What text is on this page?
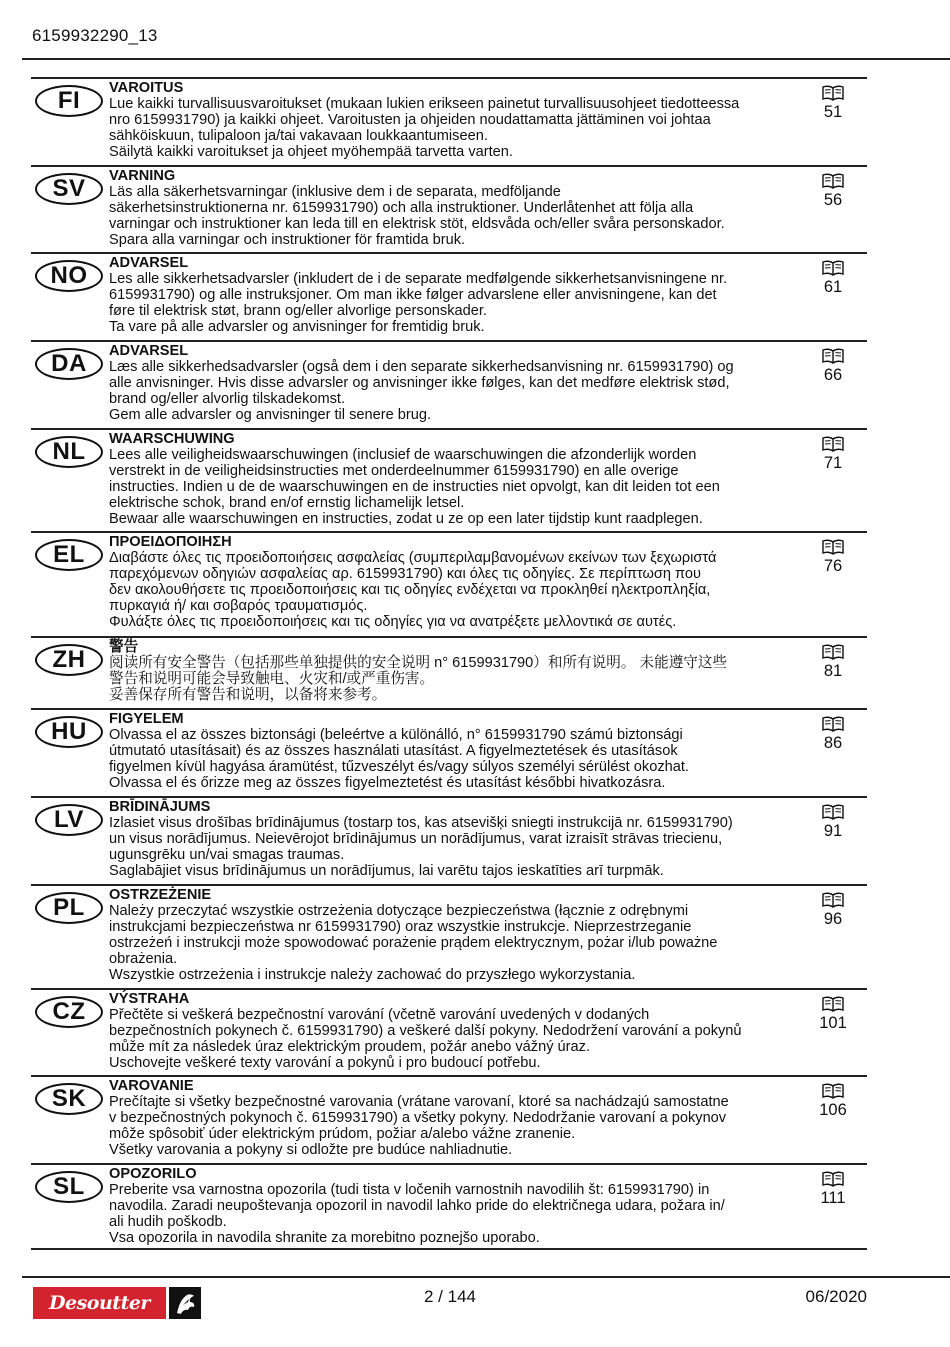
6159932290_13
FI	VAROITUS
Lue kaikki turvallisuusvaroitukset (mukaan lukien erikseen painetut turvallisuusohjeet tiedotteessa
nro 6159931790) ja kaikki ohjeet. Varoitusten ja ohjeiden noudattamatta jättäminen voi johtaa
sähköiskuun, tulipaloon ja/tai vakavaan loukkaantumiseen.
Säilytä kaikki varoitukset ja ohjeet myöhempää tarvetta varten.
51
SV	VARNING
Läs alla säkerhetsvarningar (inklusive dem i de separata, medföljande
säkerhetsinstruktionerna nr. 6159931790) och alla instruktioner. Underlåtenhet att följa alla
varningar och instruktioner kan leda till en elektrisk stöt, eldsvåda och/eller svåra personskador.
Spara alla varningar och instruktioner för framtida bruk.
56
NO	ADVARSEL
Les alle sikkerhetsadvarsler (inkludert de i de separate medfølgende sikkerhetsanvisningene nr.
6159931790) og alle instruksjoner. Om man ikke følger advarslene eller anvisningene, kan det
føre til elektrisk støt, brann og/eller alvorlige personskader.
Ta vare på alle advarsler og anvisninger for fremtidig bruk.
61
DA	ADVARSEL
Læs alle sikkerhedsadvarsler (også dem i den separate sikkerhedsanvisning nr. 6159931790) og
alle anvisninger. Hvis disse advarsler og anvisninger ikke følges, kan det medføre elektrisk stød,
brand og/eller alvorlig tilskadekomst.
Gem alle advarsler og anvisninger til senere brug.
66
NL	WAARSCHUWING
Lees alle veiligheidswaarschuwingen (inclusief de waarschuwingen die afzonderlijk worden
verstrekt in de veiligheidsinstructies met onderdeelnummer 6159931790) en alle overige
instructies. Indien u de de waarschuwingen en de instructies niet opvolgt, kan dit leiden tot een
elektrische schok, brand en/of ernstig lichamelijk letsel.
Bewaar alle waarschuwingen en instructies, zodat u ze op een later tijdstip kunt raadplegen.
71
EL	ΠΡΟΕΙΔΟΠΟΙΗΣΗ
Διαβάστε όλες τις προειδοποιήσεις ασφαλείας (συμπεριλαμβανομένων εκείνων των ξεχωριστά
παρεχόμενων οδηγιών ασφαλείας αρ. 6159931790) και όλες τις οδηγίες. Σε περίπτωση που
δεν ακολουθήσετε τις προειδοποιήσεις και τις οδηγίες ενδέχεται να προκληθεί ηλεκτροπληξία,
πυρκαγιά ή/ και σοβαρός τραυματισμός.
Φυλάξτε όλες τις προειδοποιήσεις και τις οδηγίες για να ανατρέξετε μελλοντικά σε αυτές.
76
ZH	警告
阅读所有安全警告（包括那些单独提供的安全说明 n° 6159931790）和所有说明。 未能遵守这些
警告和说明可能会导致触电、火灾和/或严重伤害。
妥善保存所有警告和说明，以备将来参考。
81
HU	FIGYELEM
Olvassa el az összes biztonsági (beleértve a különálló, n° 6159931790 számú biztonsági
útmutató utasításait) és az összes használati utasítást. A figyelmeztetések és utasítások
figyelmen kívül hagyása áramütést, tűzveszélyt és/vagy súlyos személyi sérülést okozhat.
Olvassa el és őrizze meg az összes figyelmeztetést és utasítást későbbi hivatkozásra.
86
LV	BRĪDINĀJUMS
Izlasiet visus drošības brīdinājumus (tostarp tos, kas atsevišķi sniegti instrukcijā nr. 6159931790)
un visus norādījumus. Neievērojot brīdinājumus un norādījumus, varat izraisīt strāvas triecienu,
ugunsgrēku un/vai smagas traumas.
Saglabājiet visus brīdinājumus un norādījumus, lai varētu tajos ieskatīties arī turpmāk.
91
PL	OSTRZEŻENIE
Należy przeczytać wszystkie ostrzeżenia dotyczące bezpieczeństwa (łącznie z odrębnymi
instrukcjami bezpieczeństwa nr 6159931790) oraz wszystkie instrukcje. Nieprzestrzeganie
ostrzeżeń i instrukcji może spowodować porażenie prądem elektrycznym, pożar i/lub poważne
obrażenia.
Wszystkie ostrzeżenia i instrukcje należy zachować do przyszłego wykorzystania.
96
CZ	VÝSTRAHA
Přečtěte si veškerá bezpečnostní varování (včetně varování uvedených v dodaných
bezpečnostních pokynech č. 6159931790) a veškeré další pokyny. Nedodržení varování a pokynů
může mít za následek úraz elektrickým proudem, požár anebo vážný úraz.
Uschovejte veškeré texty varování a pokynů i pro budoucí potřebu.
101
SK	VAROVANIE
Prečítajte si všetky bezpečnostné varovania (vrátane varovaní, ktoré sa nachádzajú samostatne
v bezpečnostných pokynoch č. 6159931790) a všetky pokyny. Nedodržanie varovaní a pokynov
môže spôsobiť úder elektrickým prúdom, požiar a/alebo vážne zranenie.
Všetky varovania a pokyny si odložte pre budúce nahliadnutie.
106
SL	OPOZORILO
Preberite vsa varnostna opozorila (tudi tista v ločenih varnostnih navodilih št: 6159931790) in
navodila. Zaradi neupoštevanja opozoril in navodil lahko pride do električnega udara, požara in/
ali hudih poškodb.
Vsa opozorila in navodila shranite za morebitno poznejšo uporabo.
111
Desoutter	2 / 144	06/2020
